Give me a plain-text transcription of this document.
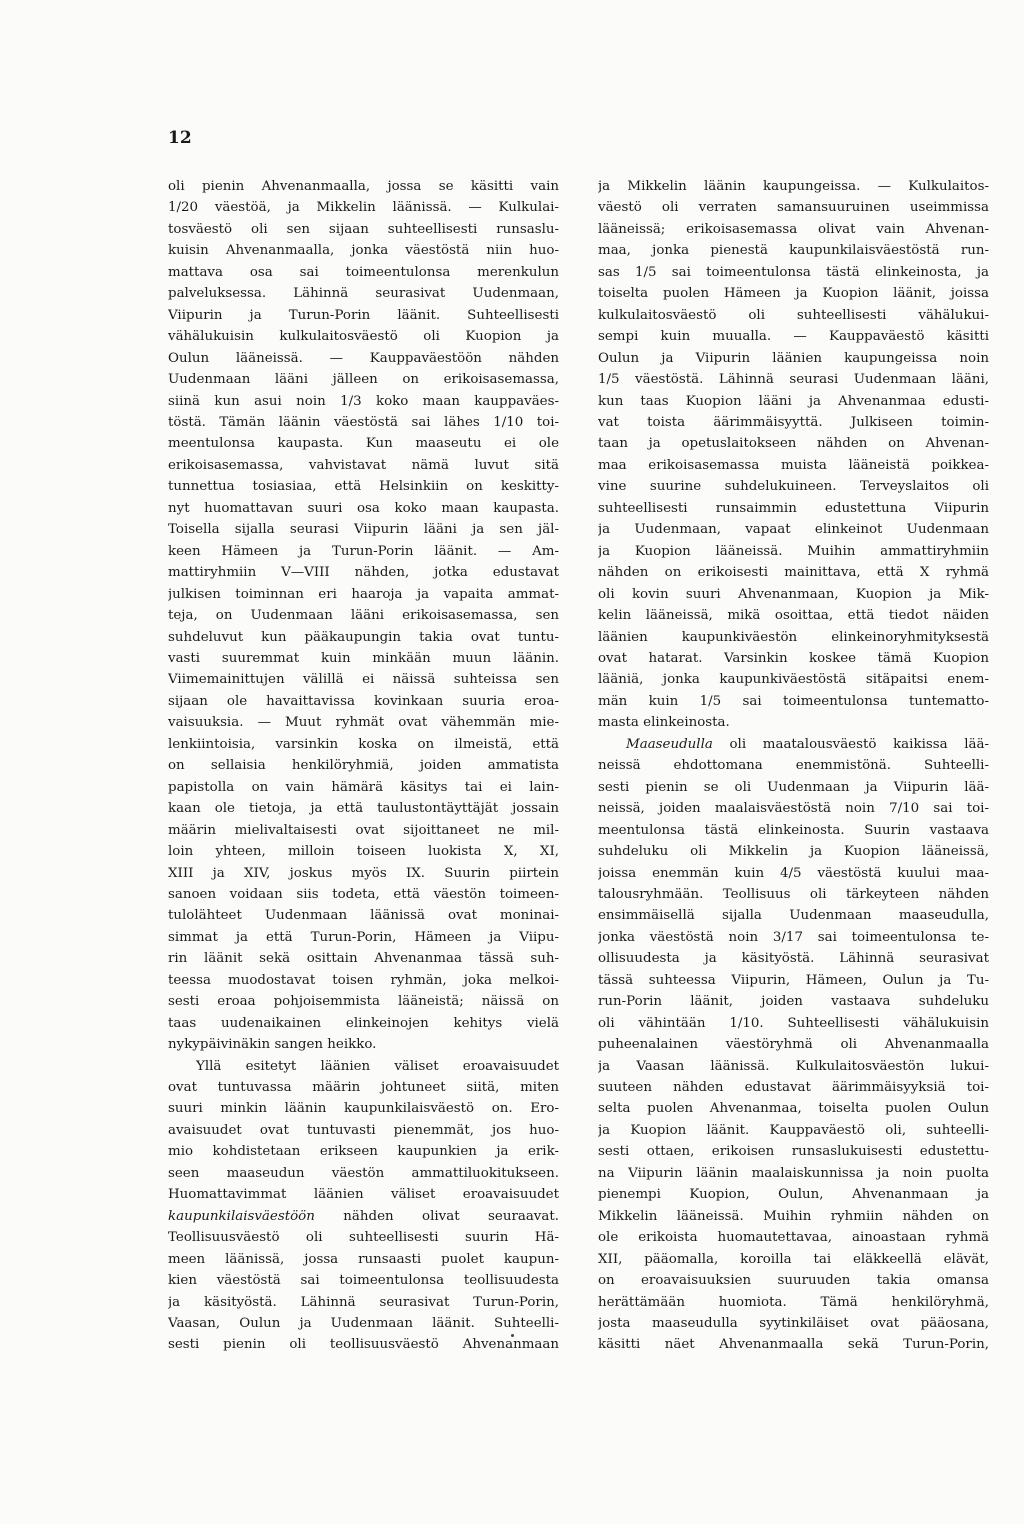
12
oli pienin Ahvenanmaalla, jossa se käsitti vain
1/20 väestöä, ja Mikkelin läänissä. — Kulkulai-
tosväestö oli sen sijaan suhteellisesti runsaslu-
kuisin Ahvenanmaalla, jonka väestöstä niin huo-
mattava osa sai toimeentulonsa merenkulun
palveluksessa. Lähinnä seurasivat Uudenmaan,
Viipurin ja Turun-Porin läänit. Suhteellisesti
vähälukuisin kulkulaitosväestö oli Kuopion ja
Oulun lääneissä. — Kauppaväestöön nähden
Uudenmaan lääni jälleen on erikoisasemassa,
siinä kun asui noin 1/3 koko maan kauppaväes-
töstä. Tämän läänin väestöstä sai lähes 1/10 toi-
meentulonsa kaupasta. Kun maaseutu ei ole
erikoisasemassa, vahvistavat nämä luvut sitä
tunnettua tosiasiaa, että Helsinkiin on keskitty-
nyt huomattavan suuri osa koko maan kaupasta.
Toisella sijalla seurasi Viipurin lääni ja sen jäl-
keen Hämeen ja Turun-Porin läänit. — Am-
mattiryhmiin V—VIII nähden, jotka edustavat
julkisen toiminnan eri haaroja ja vapaita ammat-
teja, on Uudenmaan lääni erikoisasemassa, sen
suhdeluvut kun pääkaupungin takia ovat tuntu-
vasti suuremmat kuin minkään muun läänin.
Viimemainittujen välillä ei näissä suhteissa sen
sijaan ole havaittavissa kovinkaan suuria eroa-
vaisuuksia. — Muut ryhmät ovat vähemmän mie-
lenkiintoisia, varsinkin koska on ilmeistä, että
on sellaisia henkilöryhmiä, joiden ammatista
papistolla on vain hämärä käsitys tai ei lain-
kaan ole tietoja, ja että taulustontäyttäjät jossain
määrin mielivaltaisesti ovat sijoittaneet ne mil-
loin yhteen, milloin toiseen luokista X, XI,
XIII ja XIV, joskus myös IX. Suurin piirtein
sanoen voidaan siis todeta, että väestön toimeen-
tulolähteet Uudenmaan läänissä ovat moninai-
simmat ja että Turun-Porin, Hämeen ja Viipu-
rin läänit sekä osittain Ahvenanmaa tässä suh-
teessa muodostavat toisen ryhmän, joka melkoi-
sesti eroaa pohjoisemmista lääneistä; näissä on
taas uudenaikainen elinkeinojen kehitys vielä
nykypäivinäkin sangen heikko.
Yllä esitetyt läänien väliset eroavaisuudet
ovat tuntuvassa määrin johtuneet siitä, miten
suuri minkin läänin kaupunkilaisväestö on. Ero-
avaisuudet ovat tuntuvasti pienemmät, jos huo-
mio kohdistetaan erikseen kaupunkien ja erik-
seen maaseudun väestön ammattiluokitukseen.
Huomattavimmat läänien väliset eroavaisuudet
kaupunkilaisväestöön nähden olivat seuraavat.
Teollisuusväestö oli suhteellisesti suurin Hä-
meen läänissä, jossa runsaasti puolet kaupun-
kien väestöstä sai toimeentulonsa teollisuudesta
ja käsityöstä. Lähinnä seurasivat Turun-Porin,
Vaasan, Oulun ja Uudenmaan läänit. Suhteelli-
sesti pienin oli teollisuusväestö Ahvenanmaan
ja Mikkelin läänin kaupungeissa. — Kulkulaitos-
väestö oli verraten samansuuruinen useimmissa
lääneissä; erikoisasemassa olivat vain Ahvenan-
maa, jonka pienestä kaupunkilaisväestöstä run-
sas 1/5 sai toimeentulonsa tästä elinkeinosta, ja
toiselta puolen Hämeen ja Kuopion läänit, joissa
kulkulaitosväestö oli suhteellisesti vähälukui-
sempi kuin muualla. — Kauppaväestö käsitti
Oulun ja Viipurin läänien kaupungeissa noin
1/5 väestöstä. Lähinnä seurasi Uudenmaan lääni,
kun taas Kuopion lääni ja Ahvenanmaa edusti-
vat toista äärimmäisyyttä. Julkiseen toimin-
taan ja opetuslaitokseen nähden on Ahvenan-
maa erikoisasemassa muista lääneistä poikkea-
vine suurine suhdelukuineen. Terveyslaitos oli
suhteellisesti runsaimmin edustettuna Viipurin
ja Uudenmaan, vapaat elinkeinot Uudenmaan
ja Kuopion lääneissä. Muihin ammattiryhmiin
nähden on erikoisesti mainittava, että X ryhmä
oli kovin suuri Ahvenanmaan, Kuopion ja Mik-
kelin lääneissä, mikä osoittaa, että tiedot näiden
läänien kaupunkiväestön elinkeinoryhmityksestä
ovat hatarat. Varsinkin koskee tämä Kuopion
lääniä, jonka kaupunkiväestöstä sitäpaitsi enem-
män kuin 1/5 sai toimeentulonsa tuntematto-
masta elinkeinosta.
Maaseudulla oli maatalousväestö kaikissa lää-
neissä ehdottomana enemmistönä. Suhteelli-
sesti pienin se oli Uudenmaan ja Viipurin lää-
neissä, joiden maalaisväestöstä noin 7/10 sai toi-
meentulonsa tästä elinkeinosta. Suurin vastaava
suhdeluku oli Mikkelin ja Kuopion lääneissä,
joissa enemmän kuin 4/5 väestöstä kuului maa-
talousryhmään. Teollisuus oli tärkeyteen nähden
ensimmäisellä sijalla Uudenmaan maaseudulla,
jonka väestöstä noin 3/17 sai toimeentulonsa te-
ollisuudesta ja käsityöstä. Lähinnä seurasivat
tässä suhteessa Viipurin, Hämeen, Oulun ja Tu-
run-Porin läänit, joiden vastaava suhdeluku
oli vähintään 1/10. Suhteellisesti vähälukuisin
puheenalainen väestöryhmä oli Ahvenanmaalla
ja Vaasan läänissä. Kulkulaitosväestön lukui-
suuteen nähden edustavat äärimmäisyyksiä toi-
selta puolen Ahvenanmaa, toiselta puolen Oulun
ja Kuopion läänit. Kauppaväestö oli, suhteelli-
sesti ottaen, erikoisen runsaslukuisesti edustettu-
na Viipurin läänin maalaiskunnissa ja noin puolta
pienempi Kuopion, Oulun, Ahvenanmaan ja
Mikkelin lääneissä. Muihin ryhmiin nähden on
ole erikoista huomautettavaa, ainoastaan ryhmä
XII, pääomalla, koroilla tai eläkkeellä elävät,
on eroavaisuuksien suuruuden takia omansa
herättämään huomiota. Tämä henkilöryhmä,
josta maaseudulla syytinkiläiset ovat pääosana,
käsitti näet Ahvenanmaalla sekä Turun-Porin,
